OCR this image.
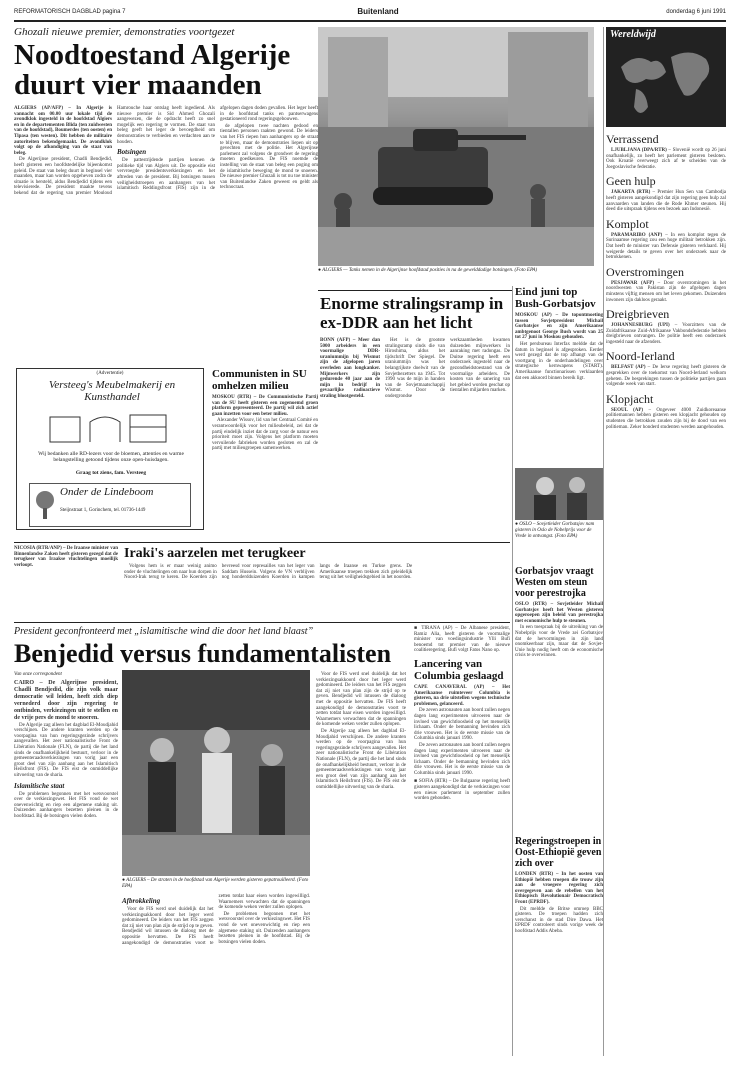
REFORMATORISCH DAGBLAD pagina 7	Buitenland	donderdag 6 juni 1991
Ghozali nieuwe premier, demonstraties voortgezet
Noodtoestand Algerije duurt vier maanden

ALGIERS (AP/AFP) – In Algerije is vannacht om 00.00 uur lokale tijd de avondklok ingesteld in de hoofdstad Algiers en in de departementen Blida (ten zuidwesten van de hoofdstad), Boumerdes (ten oosten) en Tipasa (ten westen). Dit hebben de militaire autoriteiten bekendgemaakt. De avondklok volgt op de afkondiging van de staat van beleg.

De Algerijnse president, Chadli Bendjedid, heeft gisteren een hoofdstedelijke bijeenkomst geleid. De staat van beleg duurt in beginsel vier maanden, maar kan worden opgeheven zodra de situatie is hersteld, aldus Bendjedid tijdens een televisierede. De president maakte tevens bekend dat de regering van premier Mouloud Hamrouche haar ontslag heeft ingediend. Als nieuwe premier is Sid Ahmed Ghozali aangewezen, die de opdracht heeft zo snel mogelijk een regering te vormen. De staat van beleg geeft het leger de bevoegdheid om demonstraties te verbieden en verdachten aan te houden.

Botsingen

De pattestrijdende partijen kennen de politieke tijd van Algiers uit. De oppositie eist vervroegde presidentsverkiezingen en het aftreden van de president. Bij botsingen tussen veiligheidstroepen en aanhangers van het islamitisch Reddingsfront (FIS) zijn in de afgelopen dagen doden gevallen. Het leger heeft in de hoofdstad tanks en pantserwagens gestationeerd rond regeringsgebouwen.

de afgelopen twee nachten gedood en tientallen personen raakten gewond. De leiders van het FIS riepen hun aanhangers op de straat te blijven, maar de demonstraties liepen uit op gevechten met de politie. Het Algerijnse parlement zal volgens de grondwet de regering moeten goedkeuren. De FIS noemde de instelling van de staat van beleg een poging om de islamitische beweging de mond te snoeren. De nieuwe premier Ghozali is tot nu toe minister van Buitenlandse Zaken geweest en geldt als technocraat.

● ALGIERS — Tanks nemen in de Algerijnse hoofdstad posities in na de gewelddadige botsingen. (Foto EPA)
Wereldwijd
Verrassend

LJUBLJANA (DPA/RTR) – Slovenië wordt op 26 juni onafhankelijk, zo heeft het parlement gisteren besloten. Ook Kroatië overweegt zich af te scheiden van de Joegoslavische federatie.

Geen hulp

JAKARTA (RTR) – Premier Hun Sen van Cambodja heeft gisteren aangekondigd dat zijn regering geen hulp zal aanvaarden van landen die de Rode Khmer steunen. Hij deed die uitspraak tijdens een bezoek aan Indonesië.

Komplot

PARAMARIBO (ANP) – In een komplot tegen de Surinaamse regering zou een hoge militair betrokken zijn. Dat heeft de minister van Defensie gisteren verklaard. Hij weigerde details te geven over het onderzoek naar de betrokkenen.

Overstromingen

PESJAWAR (AFP) – Door overstromingen in het noordwesten van Pakistan zijn de afgelopen dagen minstens vijftig mensen om het leven gekomen. Duizenden inwoners zijn dakloos geraakt.

Dreigbrieven

JOHANNESBURG (UPI) – Voorzitters van de Zuidafrikaanse Zuid-Afrikaanse Vakbondsfederatie hebben dreigbrieven ontvangen. De politie heeft een onderzoek ingesteld naar de afzenders.

Noord-Ierland

BELFAST (AP) – De Ierse regering heeft gisteren de gesprekken over de toekomst van Noord-Ierland welkom geheten. De besprekingen tussen de politieke partijen gaan volgende week van start.

Klopjacht

SEOUL (AP) – Ongeveer 4000 Zuidkoreaanse politiemannen hebben gisteren een klopjacht gehouden op studenten die betrokken zouden zijn bij de dood van een politieman. Zeker honderd studenten werden aangehouden.

(Advertentie)
Versteeg's Meubelmakerij en Kunsthandel
Wij bedanken alle RD-lezers voor de bloemen, attenties en warme belangstelling getoond tijdens onze open-huisdagen.
Graag tot ziens, fam. Versteeg
Onder de Lindeboom
Steijnstraat 1, Gorinchem, tel. 01736-1449
Communisten in SU omhelzen milieu

MOSKOU (RTR) – De Communistische Partij van de SU heeft gisteren een zogenoemd groen platform gepresenteerd. De partij wil zich actief gaan inzetten voor een beter milieu.

Alexander Wissov, lid van het Centraal Comité en verantwoordelijk voor het milieubeleid, zei dat de partij eindelijk inziet dat de zorg voor de natuur een prioriteit moet zijn. Volgens het platform moeten vervuilende fabrieken worden gesloten en zal de partij met milieugroepen samenwerken.

Enorme stralingsramp in ex-DDR aan het licht

BONN (AFP) – Meer dan 5000 arbeiders in een voormalige DDR-uraniummijn bij Wismut zijn de afgelopen jaren overleden aan longkanker. Mijnwerkers zijn gedurende 40 jaar aan de mijn in bedrijf in gevaarlijke radioactieve straling blootgesteld.

Het is de grootste stralingsramp sinds die van Hiroshima, aldus het tijdschrift Der Spiegel. De uraniummijn was het belangrijkste doelwit van de Sovjetbezetters na 1945. Tot 1990 was de mijn in handen van de Sovjetmaatschappij Wismut. Door de ondergrondse werkzaamheden kwamen duizenden mijnwerkers in aanraking met radongas. De Duitse regering heeft een onderzoek ingesteld naar de gezondheidstoestand van de voormalige arbeiders. De kosten van de sanering van het gebied worden geschat op tientallen miljarden marken.

Eind juni top Bush-Gorbatsjov

MOSKOU (AP) – De topontmoeting tussen Sovjetpresident Michail Gorbatsjov en zijn Amerikaanse ambtgenoot George Bush wordt van 25 tot 27 juni in Moskou gehouden.

Het persbureau Interfax meldde dat de datum in beginsel is afgesproken. Eerder werd gezegd dat de top afhangt van de voortgang in de onderhandelingen over strategische kernwapens (START). Amerikaanse functionarissen verklaarden dat een akkoord binnen bereik ligt.

● OSLO – Sovjetleider Gorbatsjov nam gisteren in Oslo de Nobelprijs voor de Vrede in ontvangst. (Foto EPA)
Gorbatsjov vraagt Westen om steun voor perestrojka

OSLO (RTR) – Sovjetleider Michail Gorbatsjov heeft het Westen gisteren opgeroepen zijn beleid van perestrojka met economische hulp te steunen.

In een toespraak bij de uitreiking van de Nobelprijs voor de Vrede zei Gorbatsjov dat de hervormingen in zijn land onomkeerbaar zijn, maar dat de Sovjet-Unie hulp nodig heeft om de economische crisis te overwinnen.

NICOSIA (RTR/ANP) – De Iraanse minister van Binnenlandse Zaken heeft gisteren gezegd dat de terugkeer van Iraakse vluchtelingen moeilijk verloopt.

Iraki's aarzelen met terugkeer

Volgens hem is er maar weinig animo onder de vluchtelingen om naar hun dorpen in Noord-Irak terug te keren. De Koerden zijn bevreesd voor represailles van het leger van Saddam Hussein. Volgens de VN verblijven nog honderdduizenden Koerden in kampen langs de Iraanse en Turkse grens. De Amerikaanse troepen trekken zich geleidelijk terug uit het veiligheidsgebied in het noorden.

President geconfronteerd met „islamitische wind die door het land blaast”
Benjedid versus fundamentalisten

Van onze correspondent

CAIRO – De Algerijnse president, Chadli Bendjedid, die zijn volk maar democratie wil leiden, heeft zich diep vernederd door zijn regering te ontbinden, verkiezingen uit te stellen en de vrije pers de mond te snoeren.

De Algerije zag alleen het dagblad El-Moudjahid verschijnen. De andere kranten werden op de voorpagina van hun regeringsgezinde schrijvers aangevallen. Het zeer nationalistische Front de Libération Nationale (FLN), de partij die het land sinds de onafhankelijkheid bestuurt, verloor in de gemeenteraadsverkiezingen van vorig jaar een groot deel van zijn aanhang aan het Islamitisch Heilsfront (FIS). De FIS eist de onmiddellijke uitvoering van de sharia.

Islamitische staat

De problemen begonnen met het wetsvoorstel over de verkiezingswet. Het FIS vond de wet onevenwichtig en riep een algemene staking uit. Duizenden aanhangers bezetten pleinen in de hoofdstad. Bij de botsingen vielen doden.

● ALGIERS – De straten in de hoofdstad van Algerije werden gisteren gepatrouilleerd. (Foto EPA)

Afbrokkeling

Voor de FIS werd snel duidelijk dat het verkiezingsakkoord door het leger werd gedomineerd. De leiders van het FIS zeggen dat zij niet van plan zijn de strijd op te geven. Bendjedid wil intussen de dialoog met de oppositie hervatten. De FIS heeft aangekondigd de demonstraties voort te zetten totdat haar eisen worden ingewilligd. Waarnemers verwachten dat de spanningen de komende weken verder zullen oplopen.

De problemen begonnen met het wetsvoorstel over de verkiezingswet. Het FIS vond de wet onevenwichtig en riep een algemene staking uit. Duizenden aanhangers bezetten pleinen in de hoofdstad. Bij de botsingen vielen doden.

Voor de FIS werd snel duidelijk dat het verkiezingsakkoord door het leger werd gedomineerd. De leiders van het FIS zeggen dat zij niet van plan zijn de strijd op te geven. Bendjedid wil intussen de dialoog met de oppositie hervatten. De FIS heeft aangekondigd de demonstraties voort te zetten totdat haar eisen worden ingewilligd. Waarnemers verwachten dat de spanningen de komende weken verder zullen oplopen.

De Algerije zag alleen het dagblad El-Moudjahid verschijnen. De andere kranten werden op de voorpagina van hun regeringsgezinde schrijvers aangevallen. Het zeer nationalistische Front de Libération Nationale (FLN), de partij die het land sinds de onafhankelijkheid bestuurt, verloor in de gemeenteraadsverkiezingen van vorig jaar een groot deel van zijn aanhang aan het Islamitisch Heilsfront (FIS). De FIS eist de onmiddellijke uitvoering van de sharia.

■ TIRANA (AP) – De Albanese president, Ramiz Alia, heeft gisteren de voormalige minister van voedingsindustrie Ylli Bufi benoemd tot premier van de nieuwe coalitieregering. Bufi volgt Fatos Nano op.

Lancering van Columbia geslaagd

CAPE CANAVERAL (AP) – Het Amerikaanse ruimteveer Columbia is gisteren, na drie uitstellen wegens technische problemen, gelanceerd.

De zeven astronauten aan boord zullen negen dagen lang experimenten uitvoeren naar de invloed van gewichtloosheid op het menselijk lichaam. Onder de bemanning bevinden zich drie vrouwen. Het is de eerste missie van de Columbia sinds januari 1990.

De zeven astronauten aan boord zullen negen dagen lang experimenten uitvoeren naar de invloed van gewichtloosheid op het menselijk lichaam. Onder de bemanning bevinden zich drie vrouwen. Het is de eerste missie van de Columbia sinds januari 1990.

■ SOFIA (RTR) – De Bulgaarse regering heeft gisteren aangekondigd dat de verkiezingen voor een nieuw parlement in september zullen worden gehouden.

Regeringstroepen in Oost-Ethiopië geven zich over

LONDEN (RTR) – In het oosten van Ethiopië hebben troepen die trouw zijn aan de vroegere regering zich overgegeven aan de rebellen van het Ethiopisch Revolutionair Democratisch Front (EPRDF).

Dit meldde de Britse omroep BBC gisteren. De troepen hadden zich verschanst in de stad Dire Dawa. Het EPRDF controleert sinds vorige week de hoofdstad Addis Abeba.
